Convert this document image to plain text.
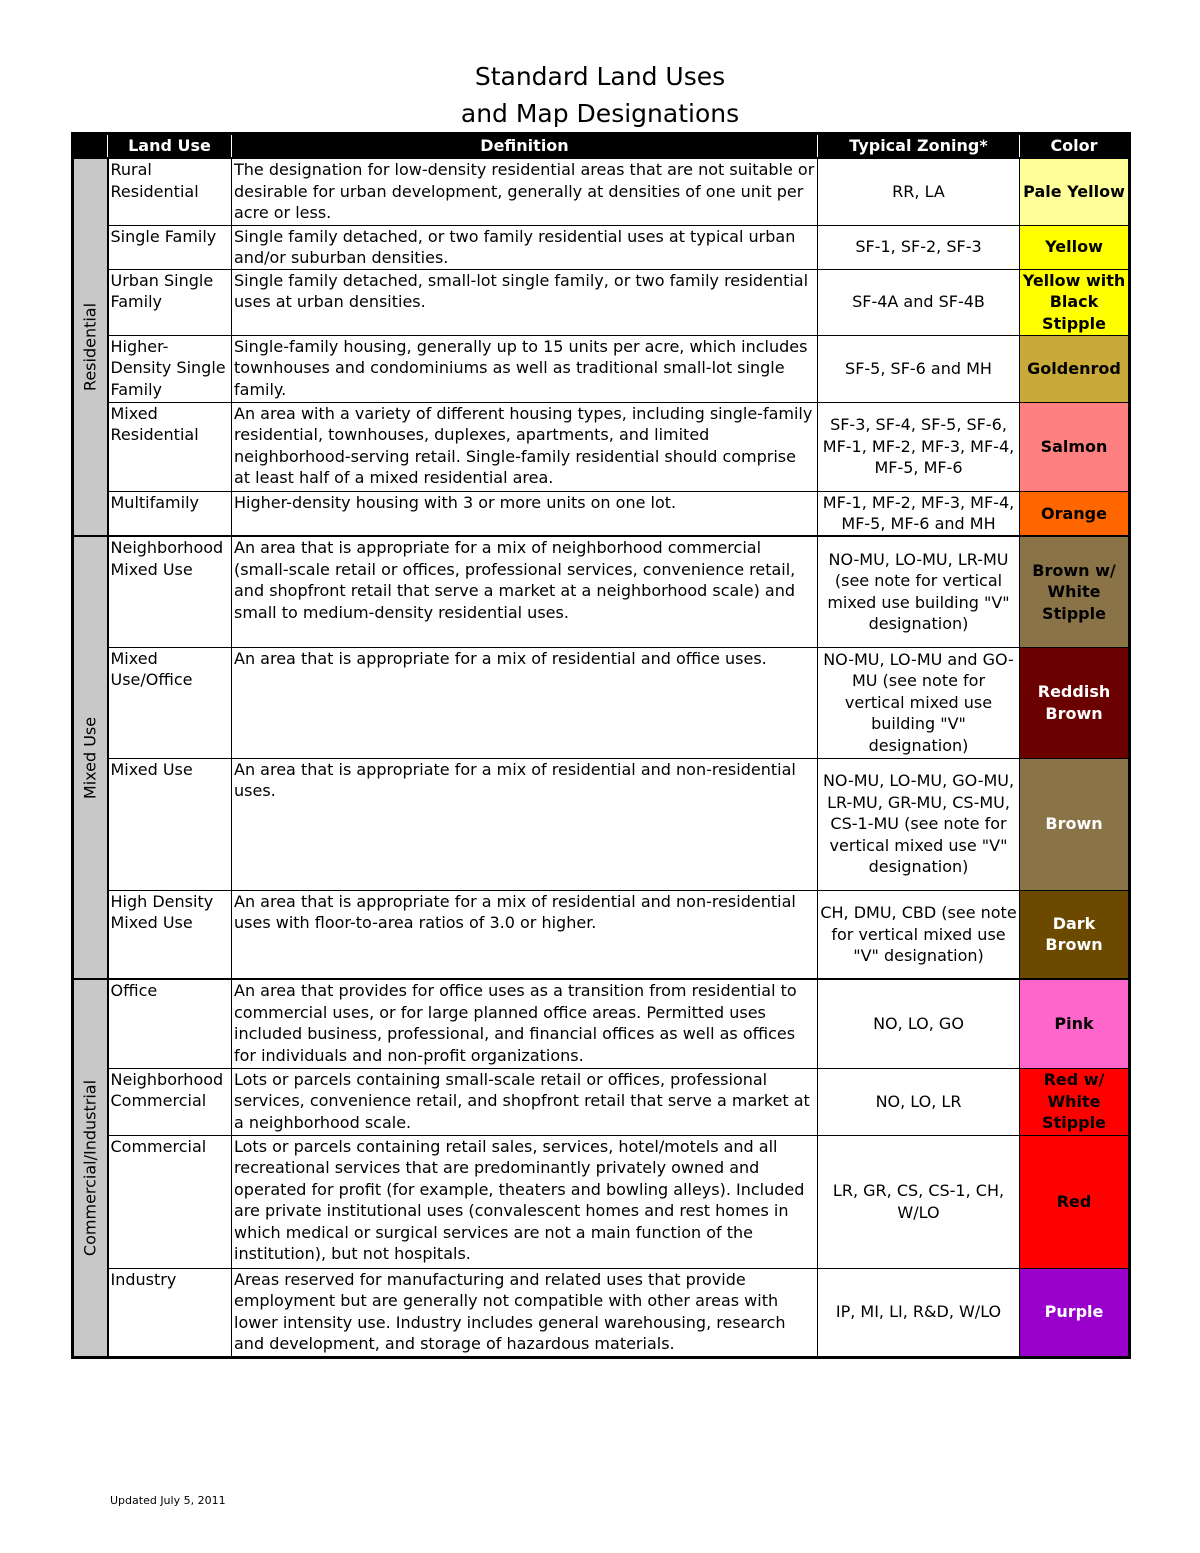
Standard Land Uses
and Map Designations
	Land Use	Definition	Typical Zoning*	Color

Residential	Rural Residential	The designation for low-density residential areas that are not suitable or desirable for urban development, generally at densities of one unit per acre or less.	RR, LA	Pale Yellow
	Single Family	Single family detached, or two family residential uses at typical urban and/or suburban densities.	SF-1, SF-2, SF-3	Yellow
	Urban Single Family	Single family detached, small-lot single family, or two family residential uses at urban densities.	SF-4A and SF-4B	Yellow with Black Stipple
	Higher-Density Single Family	Single-family housing, generally up to 15 units per acre, which includes townhouses and condominiums as well as traditional small-lot single family.	SF-5, SF-6 and MH	Goldenrod
	Mixed Residential	An area with a variety of different housing types, including single-family residential, townhouses, duplexes, apartments, and limited neighborhood-serving retail. Single-family residential should comprise at least half of a mixed residential area.	SF-3, SF-4, SF-5, SF-6, MF-1, MF-2, MF-3, MF-4, MF-5, MF-6	Salmon
	Multifamily	Higher-density housing with 3 or more units on one lot.	MF-1, MF-2, MF-3, MF-4, MF-5, MF-6 and MH	Orange

Mixed Use	Neighborhood Mixed Use	An area that is appropriate for a mix of neighborhood commercial (small-scale retail or offices, professional services, convenience retail, and shopfront retail that serve a market at a neighborhood scale) and small to medium-density residential uses.	NO-MU, LO-MU, LR-MU (see note for vertical mixed use building "V" designation)	Brown w/ White Stipple
	Mixed Use/Office	An area that is appropriate for a mix of residential and office uses.	NO-MU, LO-MU and GO-MU (see note for vertical mixed use building "V" designation)	Reddish Brown
	Mixed Use	An area that is appropriate for a mix of residential and non-residential uses.	NO-MU, LO-MU, GO-MU, LR-MU, GR-MU, CS-MU, CS-1-MU (see note for vertical mixed use "V" designation)	Brown
	High Density Mixed Use	An area that is appropriate for a mix of residential and non-residential uses with floor-to-area ratios of 3.0 or higher.	CH, DMU, CBD (see note for vertical mixed use "V" designation)	Dark Brown

Commercial/Industrial	Office	An area that provides for office uses as a transition from residential to commercial uses, or for large planned office areas. Permitted uses included business, professional, and financial offices as well as offices for individuals and non-profit organizations.	NO, LO, GO	Pink
	Neighborhood Commercial	Lots or parcels containing small-scale retail or offices, professional services, convenience retail, and shopfront retail that serve a market at a neighborhood scale.	NO, LO, LR	Red w/ White Stipple
	Commercial	Lots or parcels containing retail sales, services, hotel/motels and all recreational services that are predominantly privately owned and operated for profit (for example, theaters and bowling alleys). Included are private institutional uses (convalescent homes and rest homes in which medical or surgical services are not a main function of the institution), but not hospitals.	LR, GR, CS, CS-1, CH, W/LO	Red
	Industry	Areas reserved for manufacturing and related uses that provide employment but are generally not compatible with other areas with lower intensity use. Industry includes general warehousing, research and development, and storage of hazardous materials.	IP, MI, LI, R&D, W/LO	Purple
Updated July 5, 2011
